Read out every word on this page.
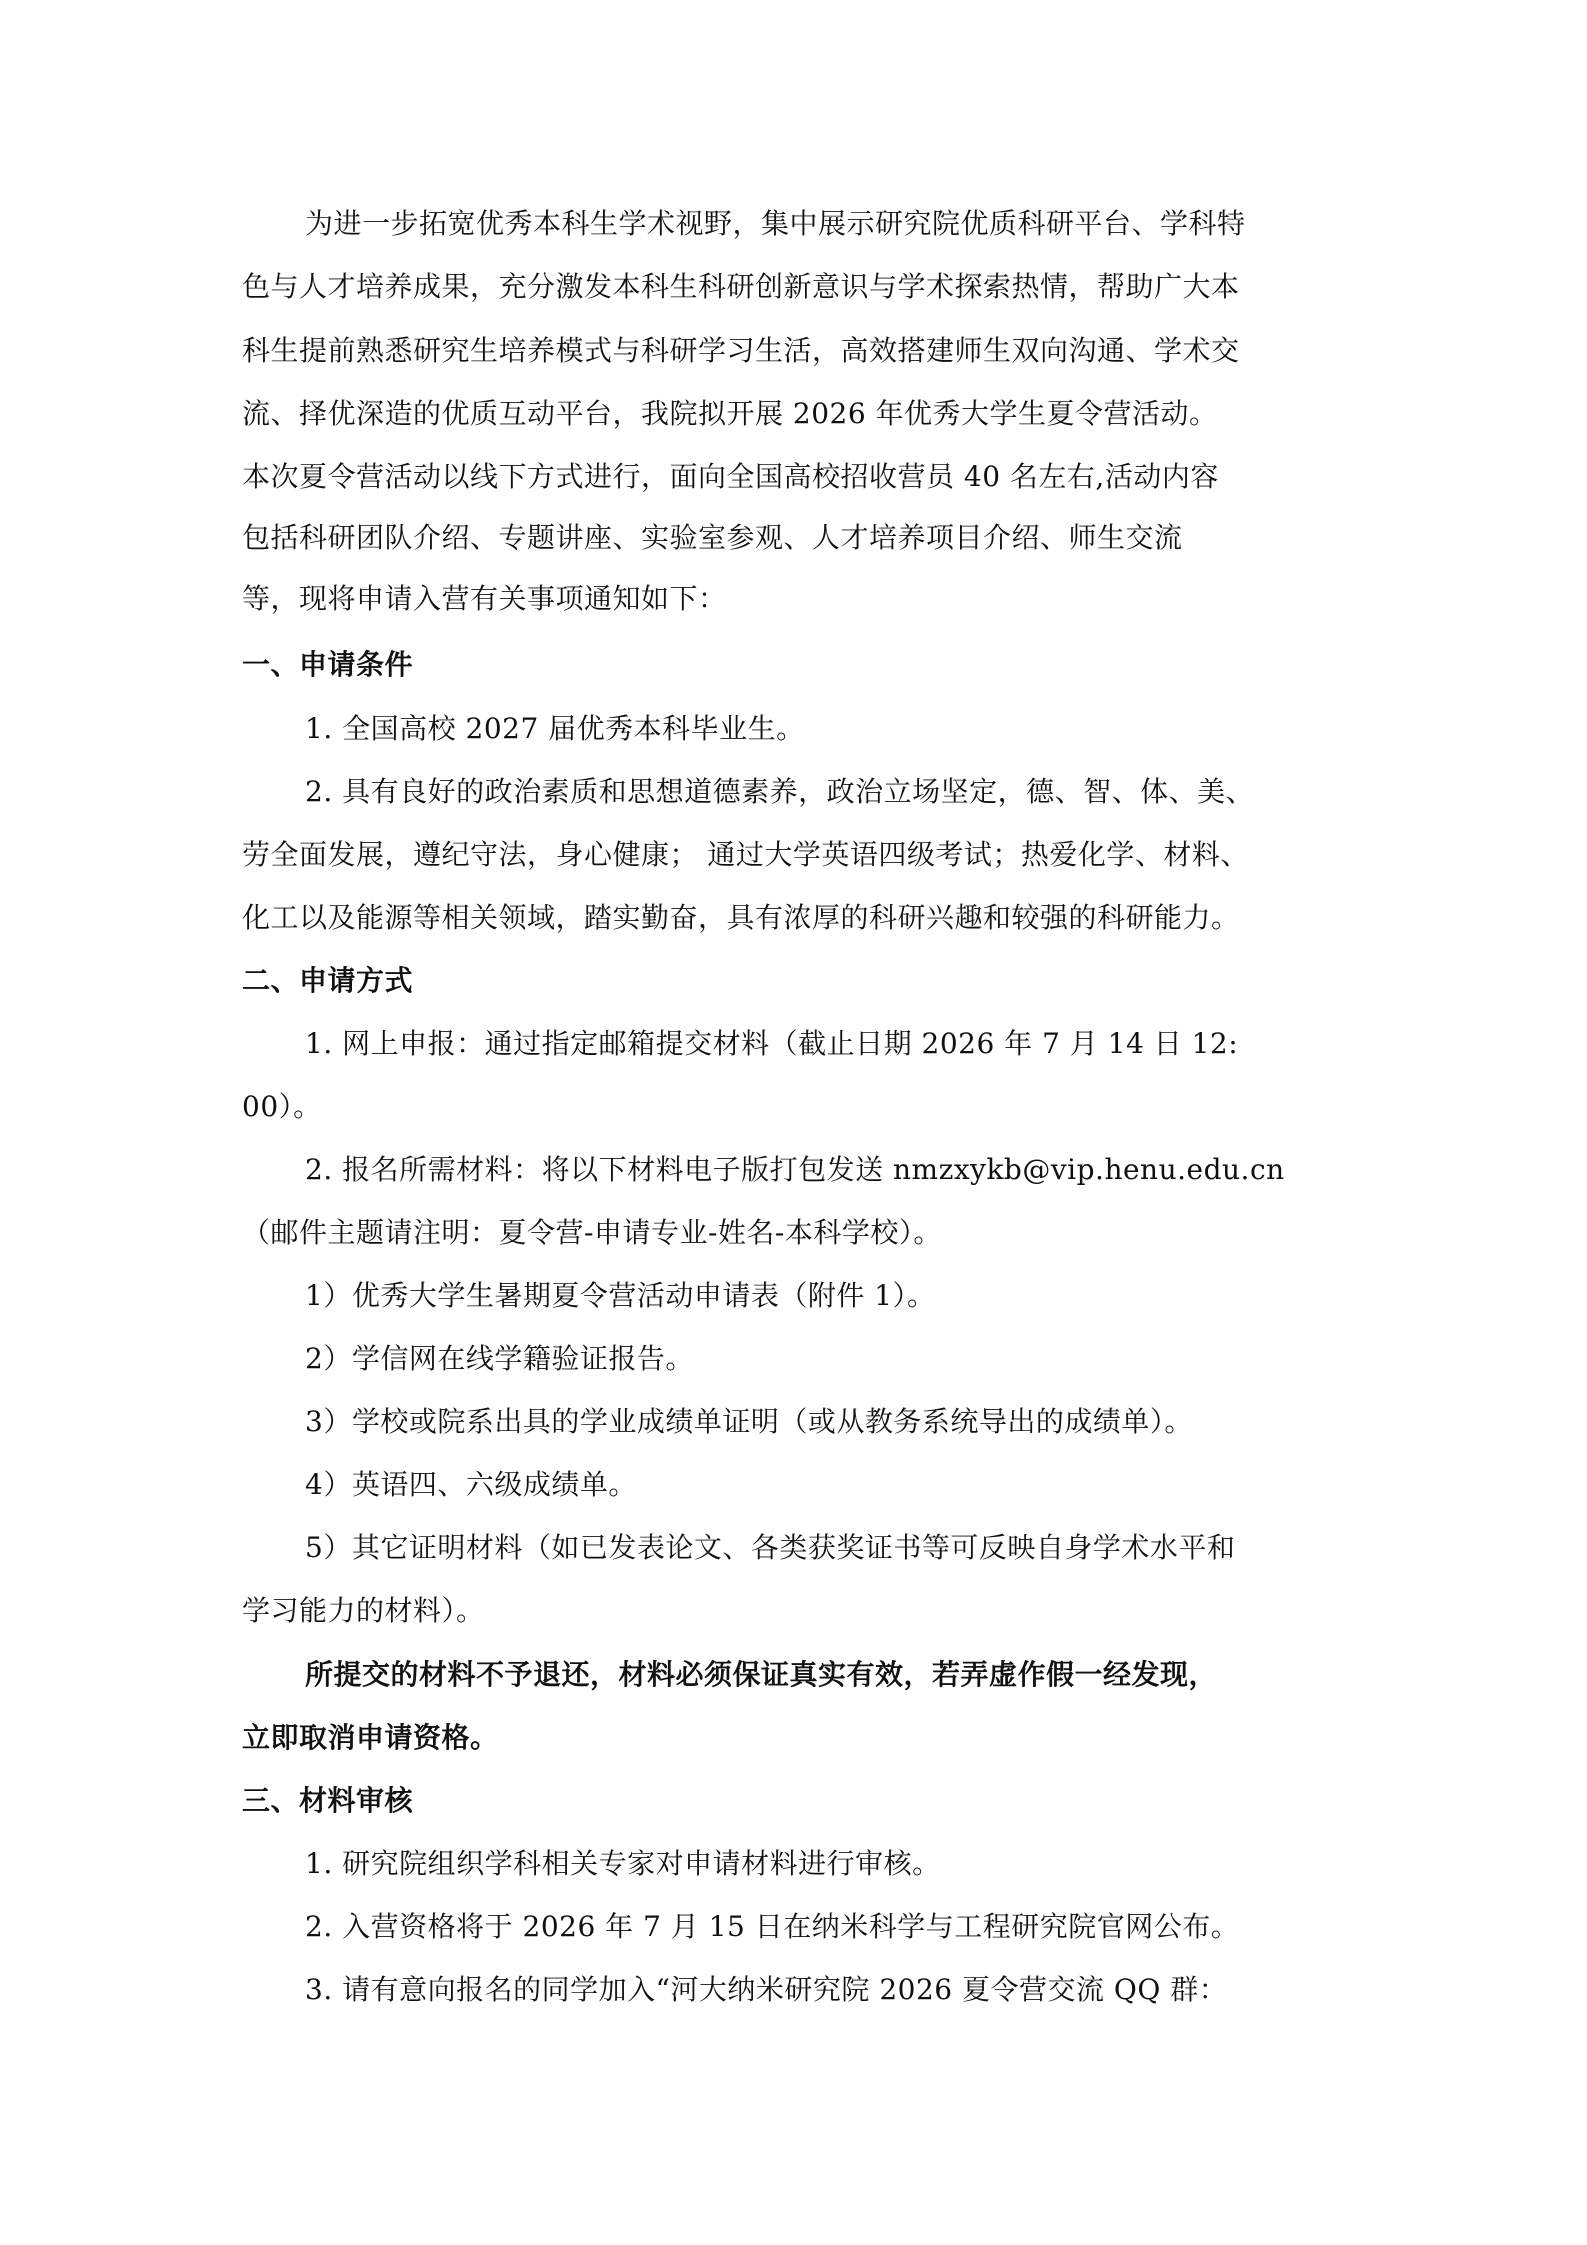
为进一步拓宽优秀本科生学术视野，集中展示研究院优质科研平台、学科特
色与人才培养成果，充分激发本科生科研创新意识与学术探索热情，帮助广大本
科生提前熟悉研究生培养模式与科研学习生活，高效搭建师生双向沟通、学术交
流、择优深造的优质互动平台，我院拟开展 2026 年优秀大学生夏令营活动。
本次夏令营活动以线下方式进行，面向全国高校招收营员 40 名左右,活动内容
包括科研团队介绍、专题讲座、实验室参观、人才培养项目介绍、师生交流
等，现将申请入营有关事项通知如下：
一、申请条件
1. 全国高校 2027 届优秀本科毕业生。
2. 具有良好的政治素质和思想道德素养，政治立场坚定，德、智、体、美、
劳全面发展，遵纪守法，身心健康； 通过大学英语四级考试；热爱化学、材料、
化工以及能源等相关领域，踏实勤奋，具有浓厚的科研兴趣和较强的科研能力。
二、申请方式
1. 网上申报：通过指定邮箱提交材料（截止日期 2026 年 7 月 14 日 12:
00）。
2. 报名所需材料：将以下材料电子版打包发送 nmzxykb@vip.henu.edu.cn
（邮件主题请注明：夏令营-申请专业-姓名-本科学校）。
1）优秀大学生暑期夏令营活动申请表（附件 1）。
2）学信网在线学籍验证报告。
3）学校或院系出具的学业成绩单证明（或从教务系统导出的成绩单）。
4）英语四、六级成绩单。
5）其它证明材料（如已发表论文、各类获奖证书等可反映自身学术水平和
学习能力的材料）。
所提交的材料不予退还，材料必须保证真实有效，若弄虚作假一经发现，
立即取消申请资格。
三、材料审核
1. 研究院组织学科相关专家对申请材料进行审核。
2. 入营资格将于 2026 年 7 月 15 日在纳米科学与工程研究院官网公布。
3. 请有意向报名的同学加入“河大纳米研究院 2026 夏令营交流 QQ 群：
